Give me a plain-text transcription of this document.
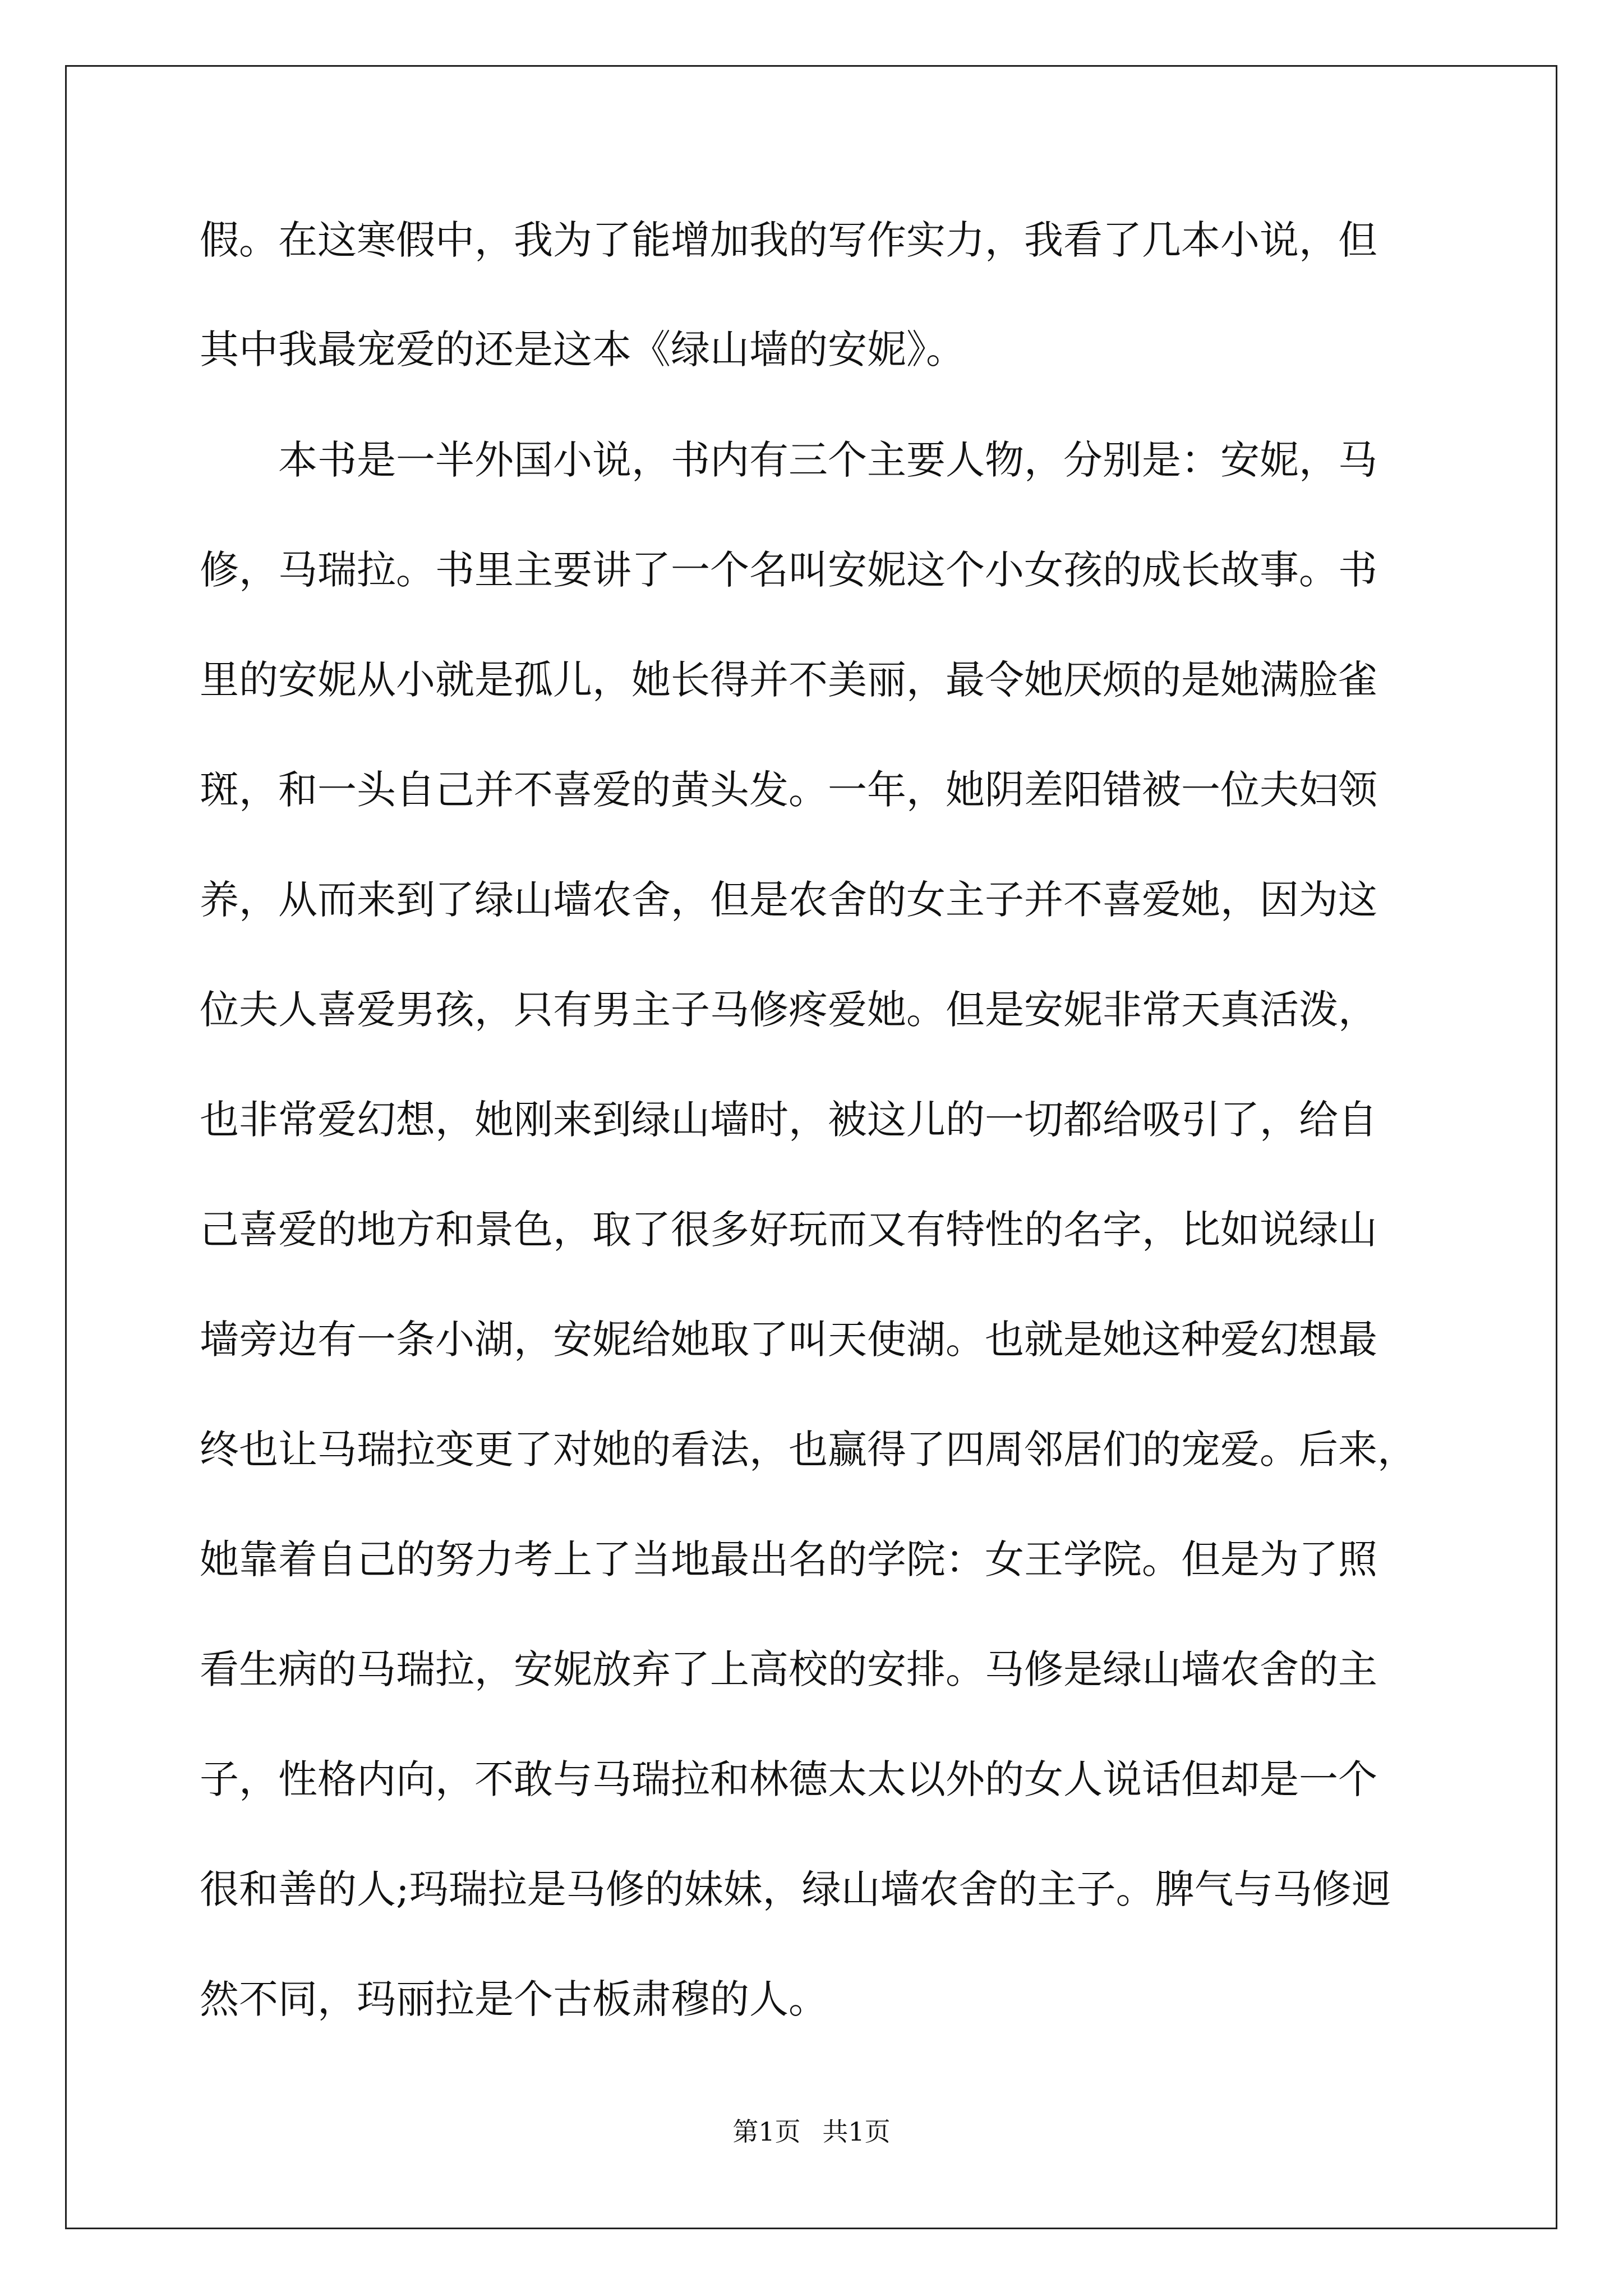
假。在这寒假中，我为了能增加我的写作实力，我看了几本小说，但
其中我最宠爱的还是这本《绿山墙的安妮》。
　　本书是一半外国小说，书内有三个主要人物，分别是：安妮，马
修，马瑞拉。书里主要讲了一个名叫安妮这个小女孩的成长故事。书
里的安妮从小就是孤儿，她长得并不美丽，最令她厌烦的是她满脸雀
斑，和一头自己并不喜爱的黄头发。一年，她阴差阳错被一位夫妇领
养，从而来到了绿山墙农舍，但是农舍的女主子并不喜爱她，因为这
位夫人喜爱男孩，只有男主子马修疼爱她。但是安妮非常天真活泼，
也非常爱幻想，她刚来到绿山墙时，被这儿的一切都给吸引了，给自
己喜爱的地方和景色，取了很多好玩而又有特性的名字，比如说绿山
墙旁边有一条小湖，安妮给她取了叫天使湖。也就是她这种爱幻想最
终也让马瑞拉变更了对她的看法，也赢得了四周邻居们的宠爱。后来，
她靠着自己的努力考上了当地最出名的学院：女王学院。但是为了照
看生病的马瑞拉，安妮放弃了上高校的安排。马修是绿山墙农舍的主
子，性格内向，不敢与马瑞拉和林德太太以外的女人说话但却是一个
很和善的人;玛瑞拉是马修的妹妹，绿山墙农舍的主子。脾气与马修迥
然不同，玛丽拉是个古板肃穆的人。
第1页 共1页
